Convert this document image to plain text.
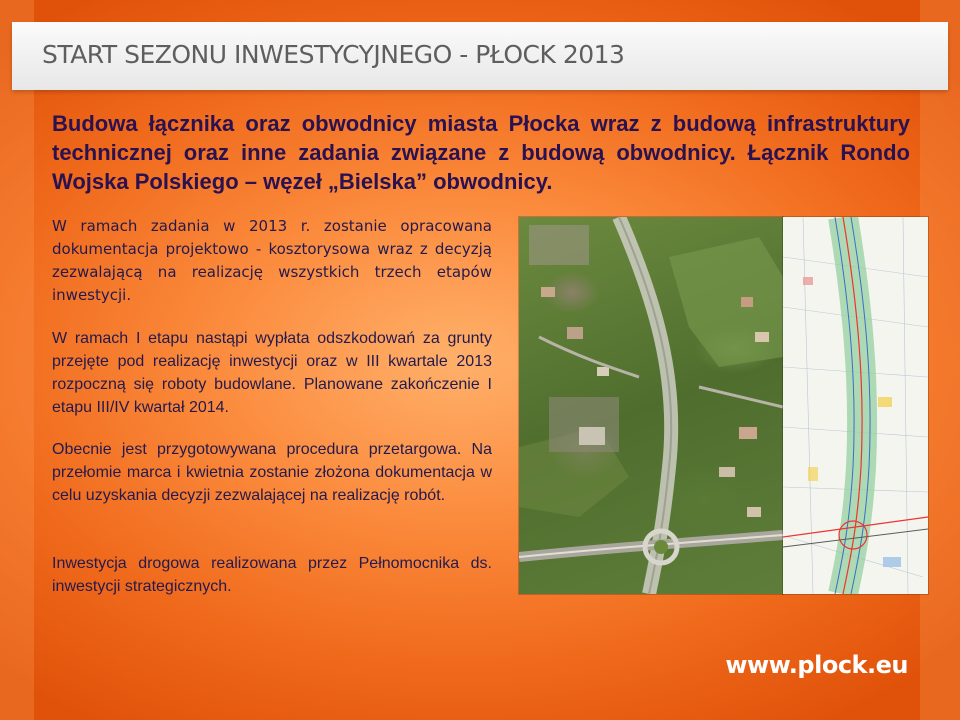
START SEZONU INWESTYCYJNEGO - PŁOCK 2013

Budowa łącznika oraz obwodnicy miasta Płocka wraz z budową infrastruktury technicznej oraz inne zadania związane z budową obwodnicy. Łącznik Rondo Wojska Polskiego – węzeł „Bielska” obwodnicy.

W ramach zadania w 2013 r. zostanie opracowana dokumentacja projektowo - kosztorysowa wraz z decyzją zezwalającą na realizację wszystkich trzech etapów inwestycji.

W ramach I etapu nastąpi wypłata odszkodowań za grunty przejęte pod realizację inwestycji oraz w III kwartale 2013 rozpoczną się roboty budowlane. Planowane zakończenie I etapu III/IV kwartał 2014.

Obecnie jest przygotowywana procedura przetargowa. Na przełomie marca i kwietnia zostanie złożona dokumentacja w celu uzyskania decyzji zezwalającej na realizację robót.

Inwestycja drogowa realizowana przez Pełnomocnika ds. inwestycji strategicznych.

www.plock.eu
